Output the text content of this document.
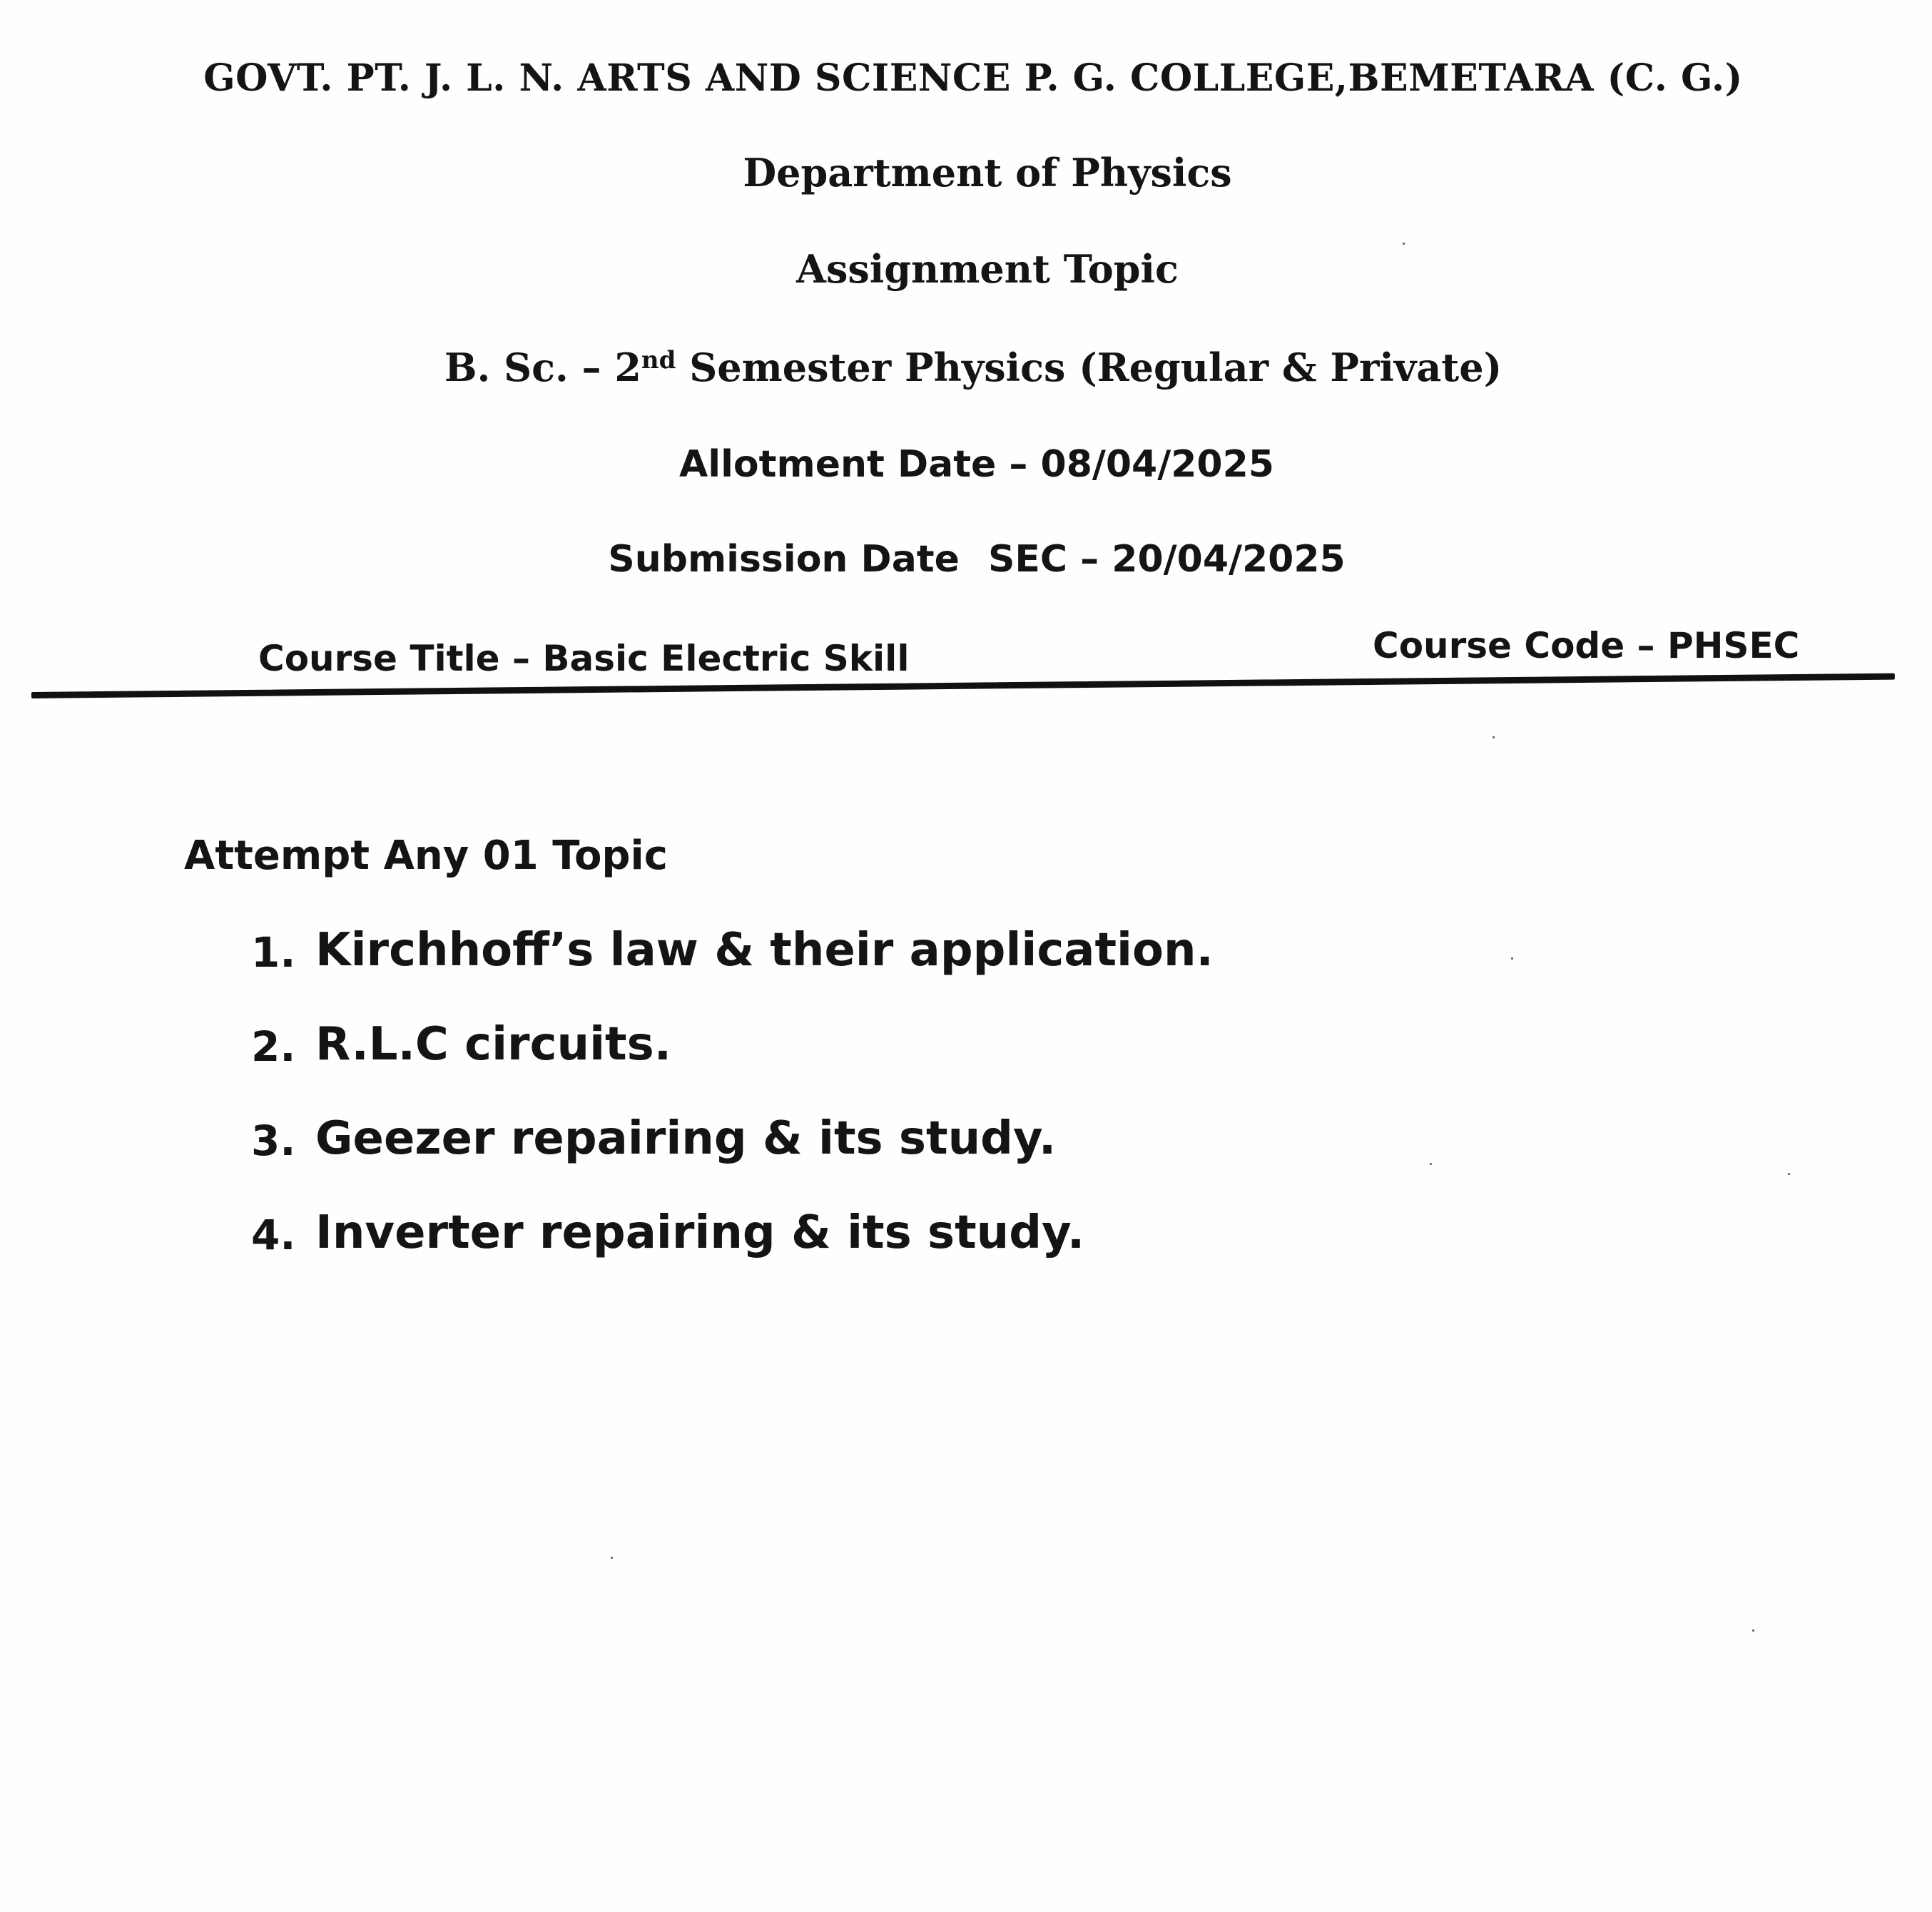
GOVT. PT. J. L. N. ARTS AND SCIENCE P. G. COLLEGE,BEMETARA (C. G.)
Department of Physics
Assignment Topic
B. Sc. – 2nd Semester Physics (Regular & Private)
Allotment Date – 08/04/2025
Submission Date SEC – 20/04/2025
Course Title – Basic Electric Skill	Course Code – PHSEC
Attempt Any 01 Topic
1. Kirchhoff’s law & their application.
2. R.L.C circuits.
3. Geezer repairing & its study.
4. Inverter repairing & its study.
